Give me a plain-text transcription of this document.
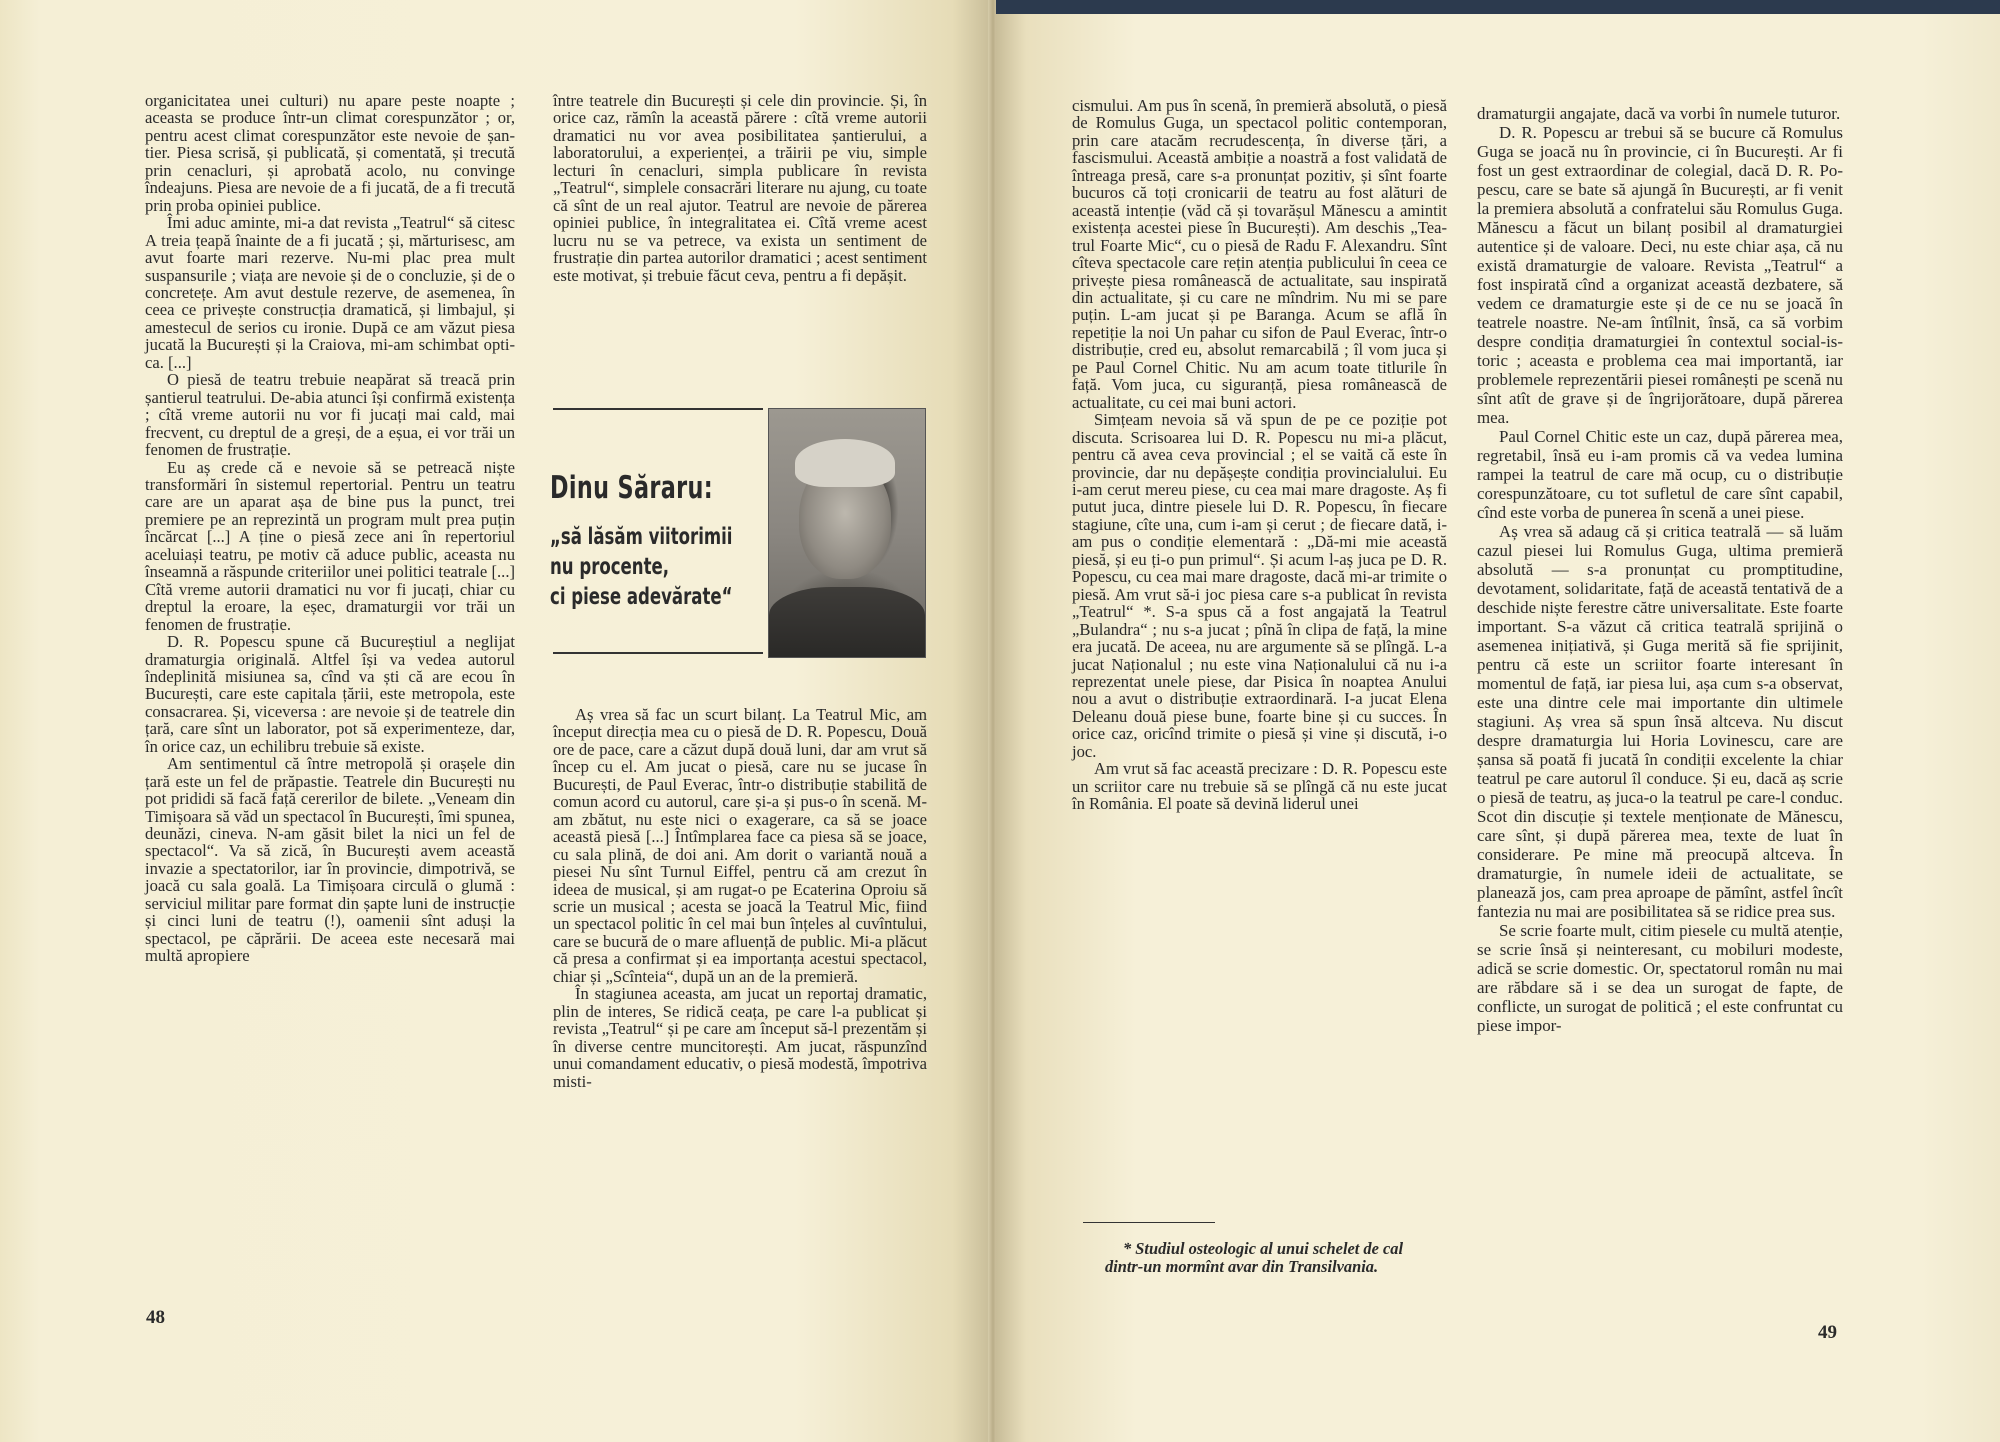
organicitatea unei culturi) nu apare peste noapte ; aceasta se produce într-un climat corespunzător ; or, pentru acest climat corespunzător este nevoie de șantier. Piesa scrisă, și publicată, și comentată, și trecută prin cenacluri, și aprobată acolo, nu convinge îndeajuns. Piesa are nevoie de a fi jucată, de a fi trecută prin proba opiniei publice.

Îmi aduc aminte, mi-a dat revista „Teatrul“ să citesc A treia țeapă înainte de a fi jucată ; și, mărturisesc, am avut foarte mari rezerve. Nu-mi plac prea mult suspansurile ; viața are nevoie și de o concluzie, și de o concretețe. Am avut destule rezerve, de asemenea, în ceea ce privește construcția dramatică, și limbajul, și amestecul de serios cu ironie. După ce am văzut piesa jucată la București și la Craiova, mi-am schimbat optica. [...]

O piesă de teatru trebuie neapărat să treacă prin șantierul teatrului. De-abia atunci își confirmă existența ; cîtă vreme autorii nu vor fi jucați mai cald, mai frecvent, cu dreptul de a greși, de a eșua, ei vor trăi un fenomen de frustrație.

Eu aș crede că e nevoie să se petreacă niște transformări în sistemul repertorial. Pentru un teatru care are un aparat așa de bine pus la punct, trei premiere pe an reprezintă un program mult prea puțin încărcat [...] A ține o piesă zece ani în repertoriul aceluiași teatru, pe motiv că aduce public, aceasta nu înseamnă a răspunde criteriilor unei politici teatrale [...] Cîtă vreme autorii dramatici nu vor fi jucați, chiar cu dreptul la eroare, la eșec, dramaturgii vor trăi un fenomen de frustrație.

D. R. Popescu spune că Bucureștiul a neglijat dramaturgia originală. Altfel își va vedea autorul îndeplinită misiunea sa, cînd va ști că are ecou în București, care este capitala țării, este metropola, este consacrarea. Și, viceversa : are nevoie și de teatrele din țară, care sînt un laborator, pot să experimenteze, dar, în orice caz, un echilibru trebuie să existe.

Am sentimentul că între metropolă și orașele din țară este un fel de prăpastie. Teatrele din București nu pot prididi să facă față cererilor de bilete. „Veneam din Timișoara să văd un spectacol în București, îmi spunea, deunăzi, cineva. N-am găsit bilet la nici un fel de spectacol“. Va să zică, în București avem această invazie a spectatorilor, iar în provincie, dimpotrivă, se joacă cu sala goală. La Timișoara circulă o glumă : serviciul militar pare format din șapte luni de instrucție și cinci luni de teatru (!), oamenii sînt aduși la spectacol, pe căprării. De aceea este necesară mai multă apropiere

între teatrele din București și cele din provincie. Și, în orice caz, rămîn la această părere : cîtă vreme autorii dramatici nu vor avea posibilitatea șantierului, a laboratorului, a experienței, a trăirii pe viu, simple lecturi în cenacluri, simpla publicare în revista „Teatrul“, simplele consacrări literare nu ajung, cu toate că sînt de un real ajutor. Teatrul are nevoie de părerea opiniei publice, în integralitatea ei. Cîtă vreme acest lucru nu se va petrece, va exista un sentiment de frustrație din partea autorilor dramatici ; acest sentiment este motivat, și trebuie făcut ceva, pentru a fi depășit.

Dinu Săraru:
„să lăsăm viitorimii
nu procente,
ci piese adevărate“

Aș vrea să fac un scurt bilanț. La Teatrul Mic, am început direcția mea cu o piesă de D. R. Popescu, Două ore de pace, care a căzut după două luni, dar am vrut să încep cu el. Am jucat o piesă, care nu se jucase în București, de Paul Everac, într-o distribuție stabilită de comun acord cu autorul, care și-a și pus-o în scenă. M-am zbătut, nu este nici o exagerare, ca să se joace această piesă [...] Întîmplarea face ca piesa să se joace, cu sala plină, de doi ani. Am dorit o variantă nouă a piesei Nu sînt Turnul Eiffel, pentru că am crezut în ideea de musical, și am rugat-o pe Ecaterina Oproiu să scrie un musical ; acesta se joacă la Teatrul Mic, fiind un spectacol politic în cel mai bun înțeles al cuvîntului, care se bucură de o mare afluență de public. Mi-a plăcut că presa a confirmat și ea importanța acestui spectacol, chiar și „Scînteia“, după un an de la premieră.

În stagiunea aceasta, am jucat un reportaj dramatic, plin de interes, Se ridică ceața, pe care l-a publicat și revista „Teatrul“ și pe care am început să-l prezentăm și în diverse centre muncitorești. Am jucat, răspunzînd unui comandament educativ, o piesă modestă, împotriva misti-

48

cismului. Am pus în scenă, în premieră absolută, o piesă de Romulus Guga, un spectacol politic contemporan, prin care atacăm recrudescența, în diverse țări, a fascismului. Această ambiție a noastră a fost validată de întreaga presă, care s-a pronunțat pozitiv, și sînt foarte bucuros că toți cronicarii de teatru au fost alături de această intenție (văd că și tovarășul Mănescu a amintit existența acestei piese în București). Am deschis „Teatrul Foarte Mic“, cu o piesă de Radu F. Alexandru. Sînt cîteva spectacole care rețin atenția publicului în ceea ce privește piesa românească de actualitate, sau inspirată din actualitate, și cu care ne mîndrim. Nu mi se pare puțin. L-am jucat și pe Baranga. Acum se află în repetiție la noi Un pahar cu sifon de Paul Everac, într-o distribuție, cred eu, absolut remarcabilă ; îl vom juca și pe Paul Cornel Chitic. Nu am acum toate titlurile în față. Vom juca, cu siguranță, piesa românească de actualitate, cu cei mai buni actori.

Simțeam nevoia să vă spun de pe ce poziție pot discuta. Scrisoarea lui D. R. Popescu nu mi-a plăcut, pentru că avea ceva provincial ; el se vaită că este în provincie, dar nu depășește condiția provincialului. Eu i-am cerut mereu piese, cu cea mai mare dragoste. Aș fi putut juca, dintre piesele lui D. R. Popescu, în fiecare stagiune, cîte una, cum i-am și cerut ; de fiecare dată, i-am pus o condiție elementară : „Dă-mi mie această piesă, și eu ți-o pun primul“. Și acum l-aș juca pe D. R. Popescu, cu cea mai mare dragoste, dacă mi-ar trimite o piesă. Am vrut să-i joc piesa care s-a publicat în revista „Teatrul“ *. S-a spus că a fost angajată la Teatrul „Bulandra“ ; nu s-a jucat ; pînă în clipa de față, la mine era jucată. De aceea, nu are argumente să se plîngă. L-a jucat Naționalul ; nu este vina Naționalului că nu i-a reprezentat unele piese, dar Pisica în noaptea Anului nou a avut o distribuție extraordinară. I-a jucat Elena Deleanu două piese bune, foarte bine și cu succes. În orice caz, oricînd trimite o piesă și vine și discută, i-o joc.

Am vrut să fac această precizare : D. R. Popescu este un scriitor care nu trebuie să se plîngă că nu este jucat în România. El poate să devină liderul unei

* Studiul osteologic al unui schelet de cal dintr-un mormînt avar din Transilvania.

dramaturgii angajate, dacă va vorbi în numele tuturor.

D. R. Popescu ar trebui să se bucure că Romulus Guga se joacă nu în provincie, ci în București. Ar fi fost un gest extraordinar de colegial, dacă D. R. Popescu, care se bate să ajungă în București, ar fi venit la premiera absolută a confratelui său Romulus Guga. Mănescu a făcut un bilanț posibil al dramaturgiei autentice și de valoare. Deci, nu este chiar așa, că nu există dramaturgie de valoare. Revista „Teatrul“ a fost inspirată cînd a organizat această dezbatere, să vedem ce dramaturgie este și de ce nu se joacă în teatrele noastre. Ne-am întîlnit, însă, ca să vorbim despre condiția dramaturgiei în contextul social-istoric ; aceasta e problema cea mai importantă, iar problemele reprezentării piesei românești pe scenă nu sînt atît de grave și de îngrijorătoare, după părerea mea.

Paul Cornel Chitic este un caz, după părerea mea, regretabil, însă eu i-am promis că va vedea lumina rampei la teatrul de care mă ocup, cu o distribuție corespunzătoare, cu tot sufletul de care sînt capabil, cînd este vorba de punerea în scenă a unei piese.

Aș vrea să adaug că și critica teatrală — să luăm cazul piesei lui Romulus Guga, ultima premieră absolută — s-a pronunțat cu promptitudine, devotament, solidaritate, față de această tentativă de a deschide niște ferestre către universalitate. Este foarte important. S-a văzut că critica teatrală sprijină o asemenea inițiativă, și Guga merită să fie sprijinit, pentru că este un scriitor foarte interesant în momentul de față, iar piesa lui, așa cum s-a observat, este una dintre cele mai importante din ultimele stagiuni. Aș vrea să spun însă altceva. Nu discut despre dramaturgia lui Horia Lovinescu, care are șansa să poată fi jucată în condiții excelente la chiar teatrul pe care autorul îl conduce. Și eu, dacă aș scrie o piesă de teatru, aș juca-o la teatrul pe care-l conduc. Scot din discuție și textele menționate de Mănescu, care sînt, și după părerea mea, texte de luat în considerare. Pe mine mă preocupă altceva. În dramaturgie, în numele ideii de actualitate, se planează jos, cam prea aproape de pămînt, astfel încît fantezia nu mai are posibilitatea să se ridice prea sus.

Se scrie foarte mult, citim piesele cu multă atenție, se scrie însă și neinteresant, cu mobiluri modeste, adică se scrie domestic. Or, spectatorul român nu mai are răbdare să i se dea un surogat de fapte, de conflicte, un surogat de politică ; el este confruntat cu piese impor-

49
